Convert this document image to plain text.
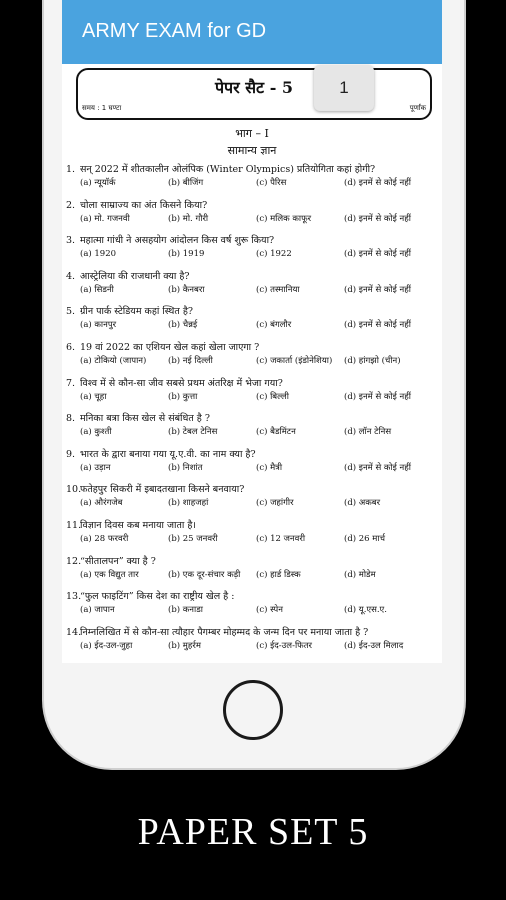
ARMY EXAM for GD
पेपर सैट - 5
समय : 1 घण्टा	पूर्णांक
भाग – I
सामान्य ज्ञान
1. सन् 2022 में शीतकालीन ओलंपिक (Winter Olympics) प्रतियोगिता कहां होगी?
(a) न्यूयॉर्क	(b) बीजिंग	(c) पैरिस	(d) इनमें से कोई नहीं
2. चोला साम्राज्य का अंत किसने किया?
(a) मो. गजनवी	(b) मो. गौरी	(c) मलिक काफूर	(d) इनमें से कोई नहीं
3. महात्मा गांधी ने असहयोग आंदोलन किस वर्ष शुरू किया?
(a) 1920	(b) 1919	(c) 1922	(d) इनमें से कोई नहीं
4. आस्ट्रेलिया की राजधानी क्या है?
(a) सिडनी	(b) कैनबरा	(c) तस्मानिया	(d) इनमें से कोई नहीं
5. ग्रीन पार्क स्टेडियम कहां स्थित है?
(a) कानपुर	(b) चैन्नई	(c) बंगलौर	(d) इनमें से कोई नहीं
6. 19 वां 2022 का एशियन खेल कहां खेला जाएगा ?
(a) टोकियो (जापान)	(b) नई दिल्ली	(c) जकार्ता (इंडोनेशिया) (d) हांगझो (चीन)
7. विश्व में से कौन-सा जीव सबसे प्रथम अंतरिक्ष में भेजा गया?
(a) चूहा	(b) कुत्ता	(c) बिल्ली	(d) इनमें से कोई नहीं
8. मनिका बत्रा किस खेल से संबंधित है ?
(a) कुश्ती	(b) टेबल टेनिस	(c) बैडमिंटन	(d) लॉन टेनिस
9. भारत के द्वारा बनाया गया यू.ए.वी. का नाम क्या है?
(a) उड़ान	(b) निशांत	(c) मैत्री	(d) इनमें से कोई नहीं
10.फतेहपुर सिकरी में इबादतखाना किसने बनवाया?
(a) औरंगजेब	(b) शाहजहां	(c) जहांगीर	(d) अकबर
11.विज्ञान दिवस कब मनाया जाता है।
(a) 28 फरवरी	(b) 25 जनवरी	(c) 12 जनवरी	(d) 26 मार्च
12.“सीतालपन” क्या है ?
(a) एक विद्युत तार	(b) एक दूर-संचार कड़ी (c) हार्ड डिस्क	(d) मोडेम
13.“फुल फाइटिंग” किस देश का राष्ट्रीय खेल है :
(a) जापान	(b) कनाडा	(c) स्पेन	(d) यू.एस.ए.
14.निम्नलिखित में से कौन-सा त्यौहार पैगम्बर मोहम्मद के जन्म दिन पर मनाया जाता है ?
(a) ईद-उल-जुहा	(b) मुहर्रम	(c) ईद-उल-फितर	(d) ईद-उल मिलाद
1
PAPER SET 5
